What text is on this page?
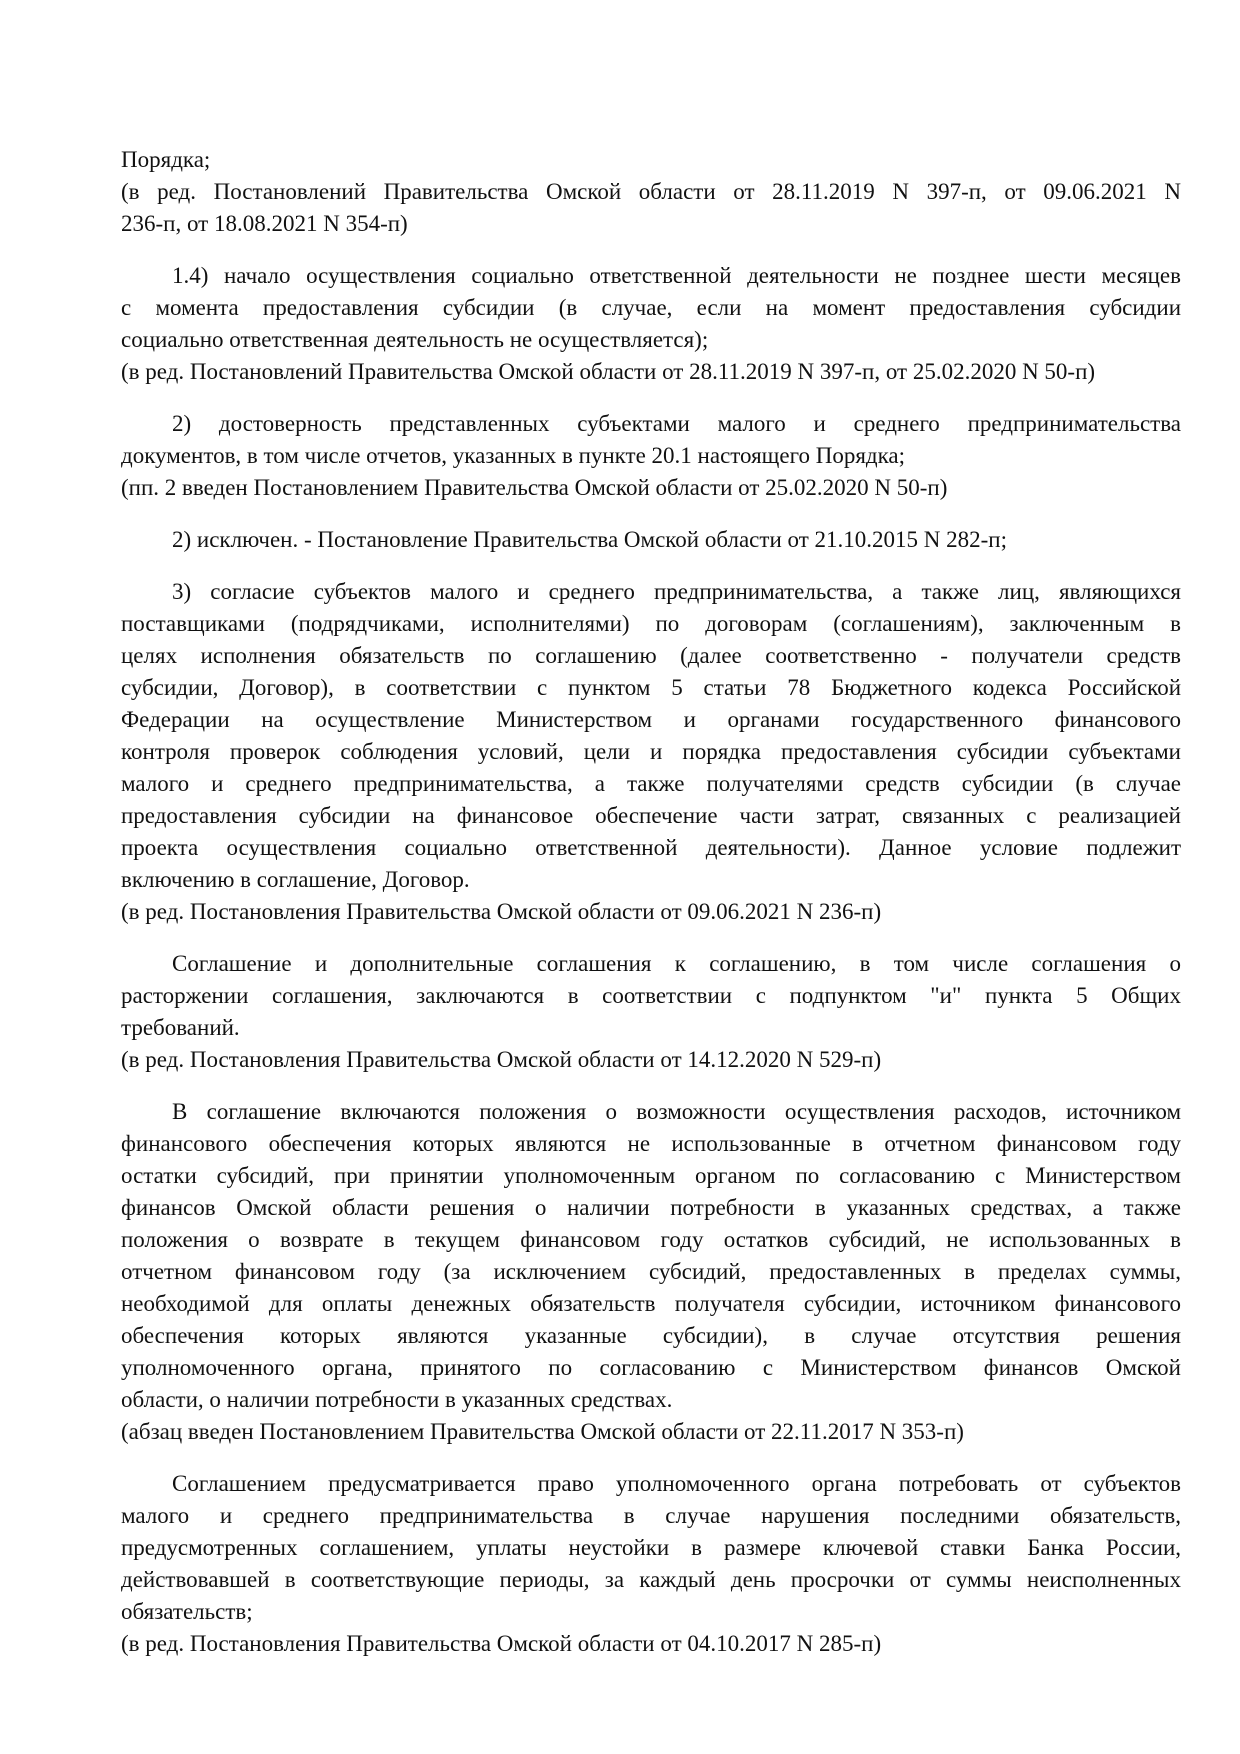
Порядка;
(в ред. Постановлений Правительства Омской области от 28.11.2019 N 397-п, от 09.06.2021 N
236-п, от 18.08.2021 N 354-п)
1.4) начало осуществления социально ответственной деятельности не позднее шести месяцев
с момента предоставления субсидии (в случае, если на момент предоставления субсидии
социально ответственная деятельность не осуществляется);
(в ред. Постановлений Правительства Омской области от 28.11.2019 N 397-п, от 25.02.2020 N 50-п)
2) достоверность представленных субъектами малого и среднего предпринимательства
документов, в том числе отчетов, указанных в пункте 20.1 настоящего Порядка;
(пп. 2 введен Постановлением Правительства Омской области от 25.02.2020 N 50-п)
2) исключен. - Постановление Правительства Омской области от 21.10.2015 N 282-п;
3) согласие субъектов малого и среднего предпринимательства, а также лиц, являющихся
поставщиками (подрядчиками, исполнителями) по договорам (соглашениям), заключенным в
целях исполнения обязательств по соглашению (далее соответственно - получатели средств
субсидии, Договор), в соответствии с пунктом 5 статьи 78 Бюджетного кодекса Российской
Федерации на осуществление Министерством и органами государственного финансового
контроля проверок соблюдения условий, цели и порядка предоставления субсидии субъектами
малого и среднего предпринимательства, а также получателями средств субсидии (в случае
предоставления субсидии на финансовое обеспечение части затрат, связанных с реализацией
проекта осуществления социально ответственной деятельности). Данное условие подлежит
включению в соглашение, Договор.
(в ред. Постановления Правительства Омской области от 09.06.2021 N 236-п)
Соглашение и дополнительные соглашения к соглашению, в том числе соглашения о
расторжении соглашения, заключаются в соответствии с подпунктом "и" пункта 5 Общих
требований.
(в ред. Постановления Правительства Омской области от 14.12.2020 N 529-п)
В соглашение включаются положения о возможности осуществления расходов, источником
финансового обеспечения которых являются не использованные в отчетном финансовом году
остатки субсидий, при принятии уполномоченным органом по согласованию с Министерством
финансов Омской области решения о наличии потребности в указанных средствах, а также
положения о возврате в текущем финансовом году остатков субсидий, не использованных в
отчетном финансовом году (за исключением субсидий, предоставленных в пределах суммы,
необходимой для оплаты денежных обязательств получателя субсидии, источником финансового
обеспечения которых являются указанные субсидии), в случае отсутствия решения
уполномоченного органа, принятого по согласованию с Министерством финансов Омской
области, о наличии потребности в указанных средствах.
(абзац введен Постановлением Правительства Омской области от 22.11.2017 N 353-п)
Соглашением предусматривается право уполномоченного органа потребовать от субъектов
малого и среднего предпринимательства в случае нарушения последними обязательств,
предусмотренных соглашением, уплаты неустойки в размере ключевой ставки Банка России,
действовавшей в соответствующие периоды, за каждый день просрочки от суммы неисполненных
обязательств;
(в ред. Постановления Правительства Омской области от 04.10.2017 N 285-п)
